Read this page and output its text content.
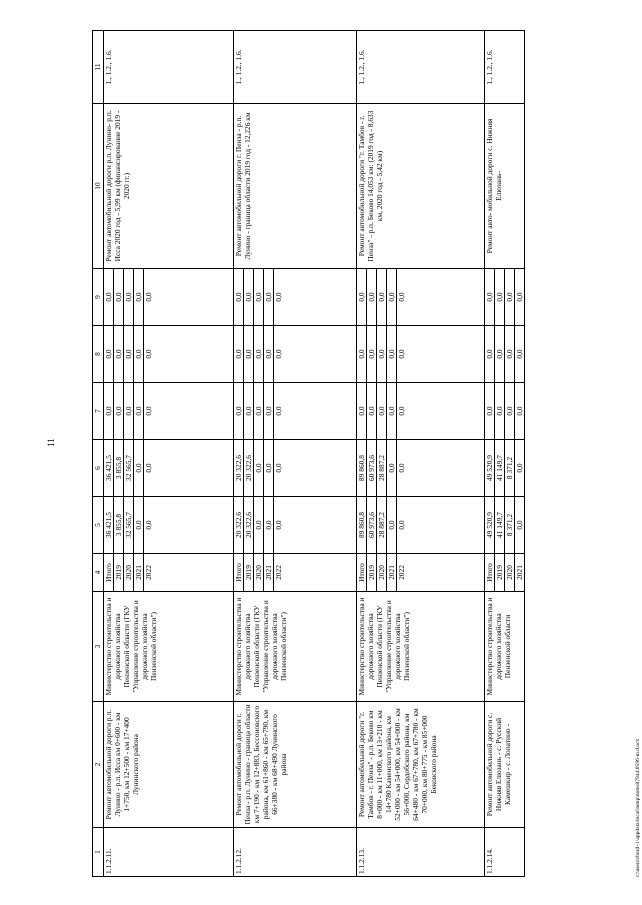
11
1	2	3	4	5	6	7	8	9	10	11
1.1.2.11.	Ремонт автомобильной дороги р.п. Лунино - р.п. Исса км 0+600 - км 1+750, км 12+500 - км 17+400 Лунинского района	Министерство строительства и дорожного хозяйства Пензенской области (ГКУ "Управление строительства и дорожного хозяйства Пензенской области")	Итого	36 421,5	36 421,5	0,0	0,0	0,0	Ремонт автомобильной дороги р.п. Лунино- р.п. Исса 2020 год - 5,99 км (финансирование 2019 - 2020 гг.)	1., 1.2., 1.6.
			2019	3 855,8	3 855,8	0,0	0,0	0,0		
			2020	32 565,7	32 565,7	0,0	0,0	0,0		
			2021	0,0	0,0	0,0	0,0	0,0		
			2022	0,0	0,0	0,0	0,0	0,0		
1.1.2.12.	Ремонт автомобильной дороги г. Пенза - р.п. Лунино - граница области км 7+190 - км 12+883, Бессоновского района, км 61+860 - км 65+790, км 66+380 - км 68+490 Лунинского района	Министерство строительства и дорожного хозяйства Пензенской области (ГКУ "Управление строительства и дорожного хозяйства Пензенской области")	Итого	20 322,6	20 322,6	0,0	0,0	0,0	Ремонт автомобильной дороги г. Пенза - р.п. Лунино - граница области 2019 год - 12,226 км	1., 1.2., 1.6.
			2019	20 322,6	20 322,6	0,0	0,0	0,0		
			2020	0,0	0,0	0,0	0,0	0,0		
			2021	0,0	0,0	0,0	0,0	0,0		
			2022	0,0	0,0	0,0	0,0	0,0		
1.1.2.13.	Ремонт автомобильной дороги "г. Тамбов - г. Пенза" - р.п. Беково км 8+000 - км 11+000, км 13+210 - км 14+780 Каменского района, км 52+000 - км 54+000, км 54+000 - км 56+000, Сердобского района, км 64+480 - км 67+780, км 67+780 - км 70+000, км 80+775 - км 85+000 Бековского района	Министерство строительства и дорожного хозяйства Пензенской области (ГКУ "Управление строительства и дорожного хозяйства Пензенской области")	Итого	89 860,8	89 860,8	0,0	0,0	0,0	Ремонт автомобильной дороги "г. Тамбов - г. Пенза" - р.п. Беково 14,053 км: (2019 год - 8,633 км, 2020 год - 5,42 км)	1., 1.2., 1.6.
			2019	60 973,6	60 973,6	0,0	0,0	0,0		
			2020	28 887,2	28 887,2	0,0	0,0	0,0		
			2021	0,0	0,0	0,0	0,0	0,0		
			2022	0,0	0,0	0,0	0,0	0,0		
1.1.2.14.	Ремонт автомобильной дороги с. Нижняя Елюзань - с. Русский Камешкир - с. Лопатино -	Министерство строительства и дорожного хозяйства Пензенской области	Итого	49 520,9	49 520,9	0,0	0,0	0,0	Ремонт авто- мобильной дороги с. Нижняя Елюзань-	1., 1.2., 1.6.
			2019	41 149,7	41 149,7	0,0	0,0	0,0		
			2020	8 371,2	8 371,2	0,0	0,0	0,0		
			2021	0,0	0,0	0,0	0,0	0,0		
c:\users\rbord~1\appdata\local\temp\notes87944\0596-ш.d.ocx
